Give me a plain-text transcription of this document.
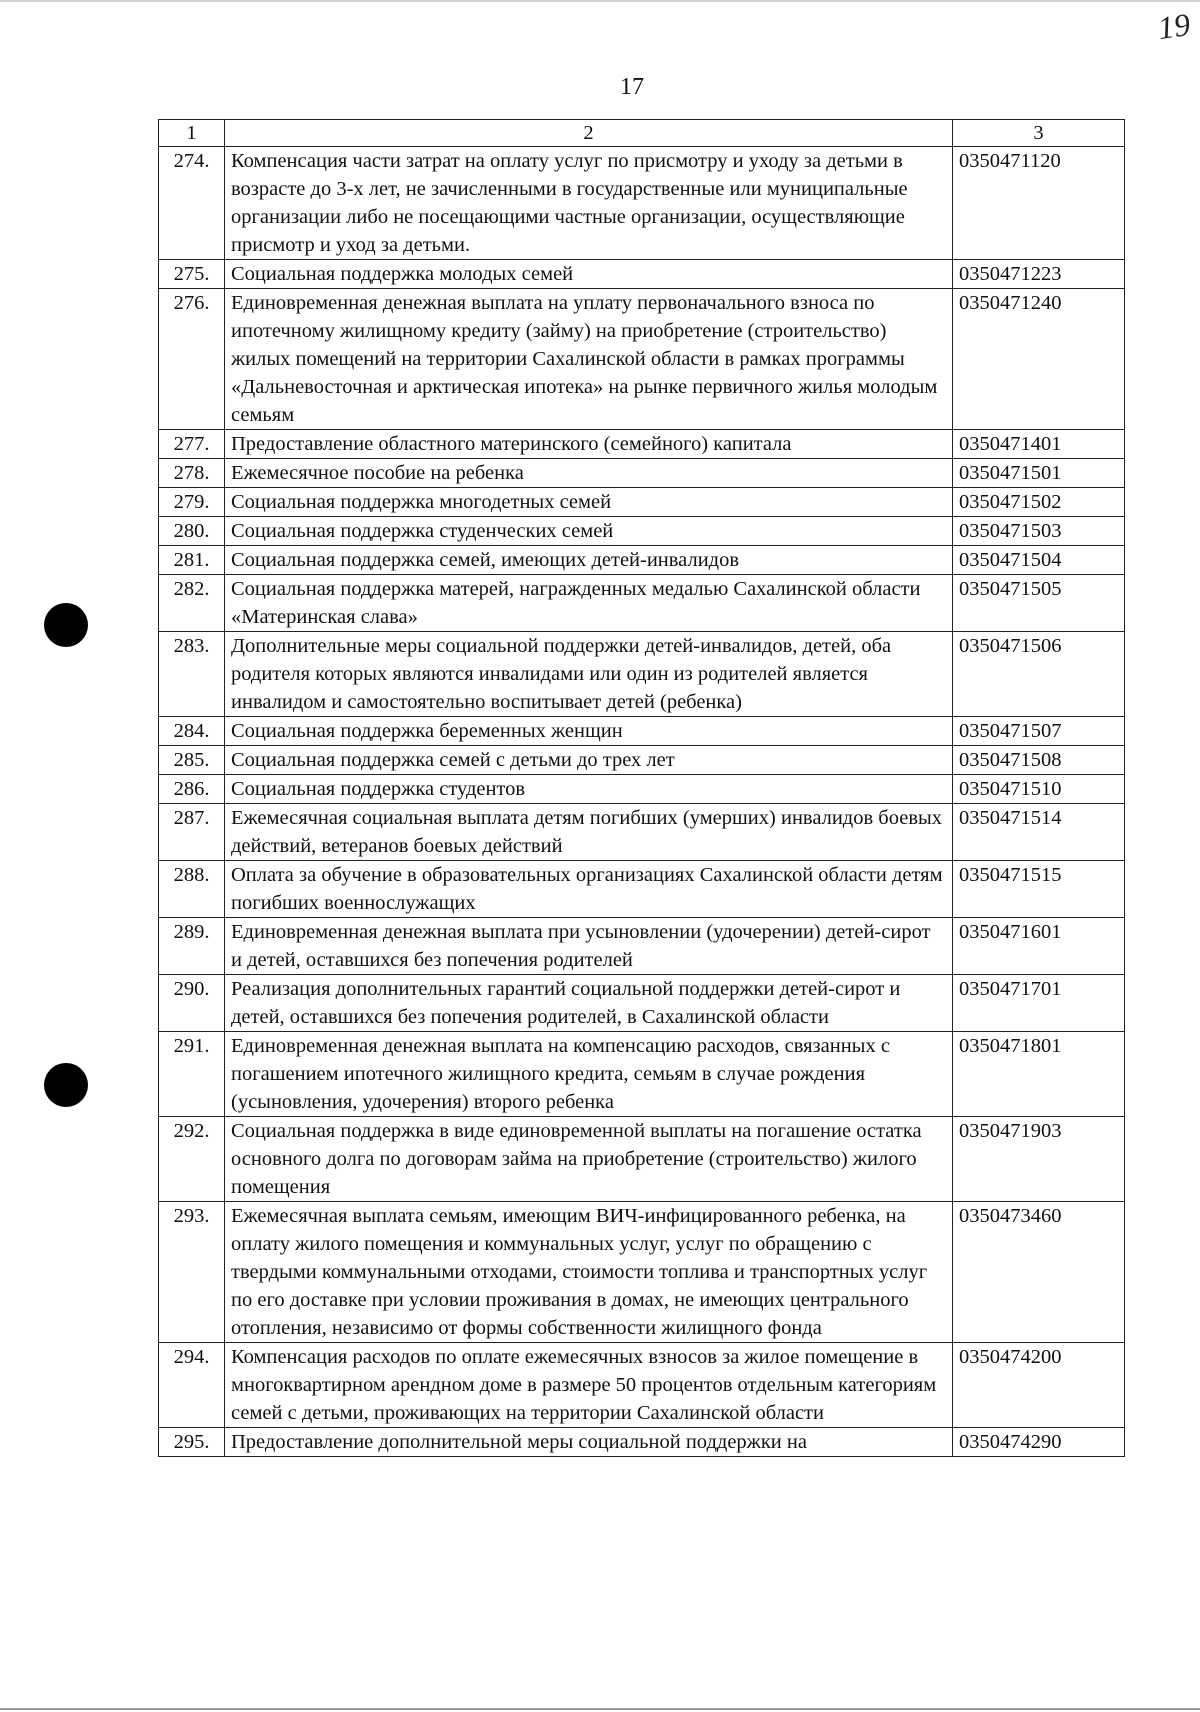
19
17
1	2	3
274.	Компенсация части затрат на оплату услуг по присмотру и уходу за детьми в возрасте до 3-х лет, не зачисленными в государственные или муниципальные организации либо не посещающими частные организации, осуществляющие присмотр и уход за детьми.	0350471120
275.	Социальная поддержка молодых семей	0350471223
276.	Единовременная денежная выплата на уплату первоначального взноса по ипотечному жилищному кредиту (займу) на приобретение (строительство) жилых помещений на территории Сахалинской области в рамках программы «Дальневосточная и арктическая ипотека» на рынке первичного жилья молодым семьям	0350471240
277.	Предоставление областного материнского (семейного) капитала	0350471401
278.	Ежемесячное пособие на ребенка	0350471501
279.	Социальная поддержка многодетных семей	0350471502
280.	Социальная поддержка студенческих семей	0350471503
281.	Социальная поддержка семей, имеющих детей-инвалидов	0350471504
282.	Социальная поддержка матерей, награжденных медалью Сахалинской области «Материнская слава»	0350471505
283.	Дополнительные меры социальной поддержки детей-инвалидов, детей, оба родителя которых являются инвалидами или один из родителей является инвалидом и самостоятельно воспитывает детей (ребенка)	0350471506
284.	Социальная поддержка беременных женщин	0350471507
285.	Социальная поддержка семей с детьми до трех лет	0350471508
286.	Социальная поддержка студентов	0350471510
287.	Ежемесячная социальная выплата детям погибших (умерших) инвалидов боевых действий, ветеранов боевых действий	0350471514
288.	Оплата за обучение в образовательных организациях Сахалинской области детям погибших военнослужащих	0350471515
289.	Единовременная денежная выплата при усыновлении (удочерении) детей-сирот и детей, оставшихся без попечения родителей	0350471601
290.	Реализация дополнительных гарантий социальной поддержки детей-сирот и детей, оставшихся без попечения родителей, в Сахалинской области	0350471701
291.	Единовременная денежная выплата на компенсацию расходов, связанных с погашением ипотечного жилищного кредита, семьям в случае рождения (усыновления, удочерения) второго ребенка	0350471801
292.	Социальная поддержка в виде единовременной выплаты на погашение остатка основного долга по договорам займа на приобретение (строительство) жилого помещения	0350471903
293.	Ежемесячная выплата семьям, имеющим ВИЧ-инфицированного ребенка, на оплату жилого помещения и коммунальных услуг, услуг по обращению с твердыми коммунальными отходами, стоимости топлива и транспортных услуг по его доставке при условии проживания в домах, не имеющих центрального отопления, независимо от формы собственности жилищного фонда	0350473460
294.	Компенсация расходов по оплате ежемесячных взносов за жилое помещение в многоквартирном арендном доме в размере 50 процентов отдельным категориям семей с детьми, проживающих на территории Сахалинской области	0350474200
295.	Предоставление дополнительной меры социальной поддержки на	0350474290
